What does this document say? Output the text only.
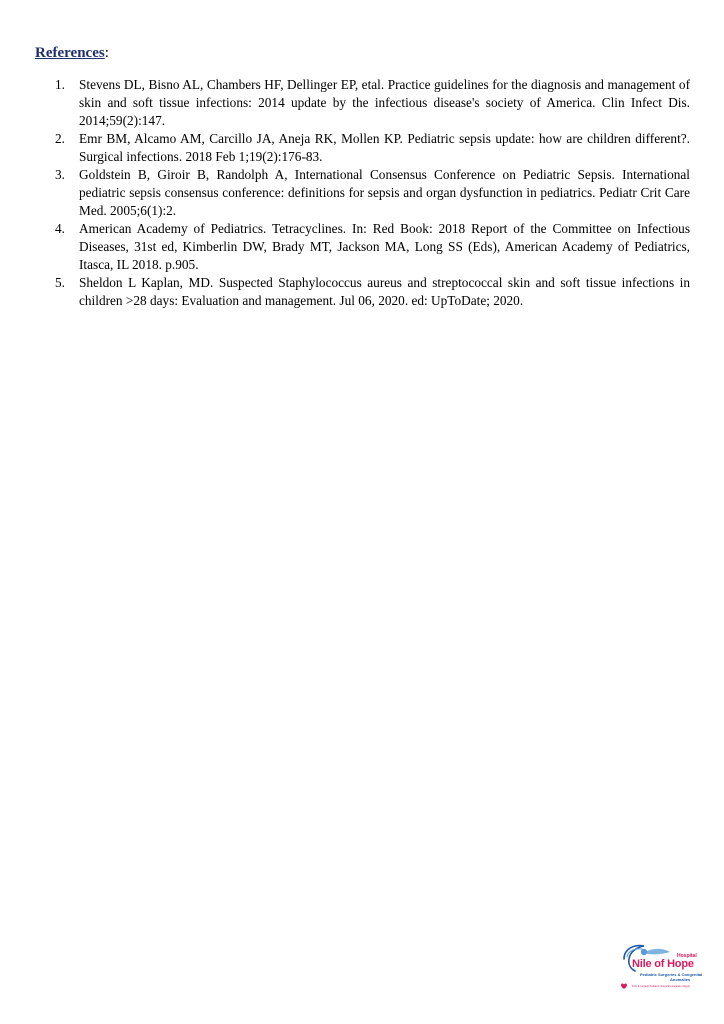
References:
1. Stevens DL, Bisno AL, Chambers HF, Dellinger EP, etal. Practice guidelines for the diagnosis and management of skin and soft tissue infections: 2014 update by the infectious disease's society of America. Clin Infect Dis. 2014;59(2):147.
2. Emr BM, Alcamo AM, Carcillo JA, Aneja RK, Mollen KP. Pediatric sepsis update: how are children different?. Surgical infections. 2018 Feb 1;19(2):176-83.
3. Goldstein B, Giroir B, Randolph A, International Consensus Conference on Pediatric Sepsis. International pediatric sepsis consensus conference: definitions for sepsis and organ dysfunction in pediatrics. Pediatr Crit Care Med. 2005;6(1):2.
4. American Academy of Pediatrics. Tetracyclines. In: Red Book: 2018 Report of the Committee on Infectious Diseases, 31st ed, Kimberlin DW, Brady MT, Jackson MA, Long SS (Eds), American Academy of Pediatrics, Itasca, IL 2018. p.905.
5. Sheldon L Kaplan, MD. Suspected Staphylococcus aureus and streptococcal skin and soft tissue infections in children >28 days: Evaluation and management. Jul 06, 2020. ed: UpToDate; 2020.
Hospital
Nile of Hope
Pediatric Surgeries & Congenital
Anomalies
First & Largest Pediatric Surgical Hospital in Egypt
